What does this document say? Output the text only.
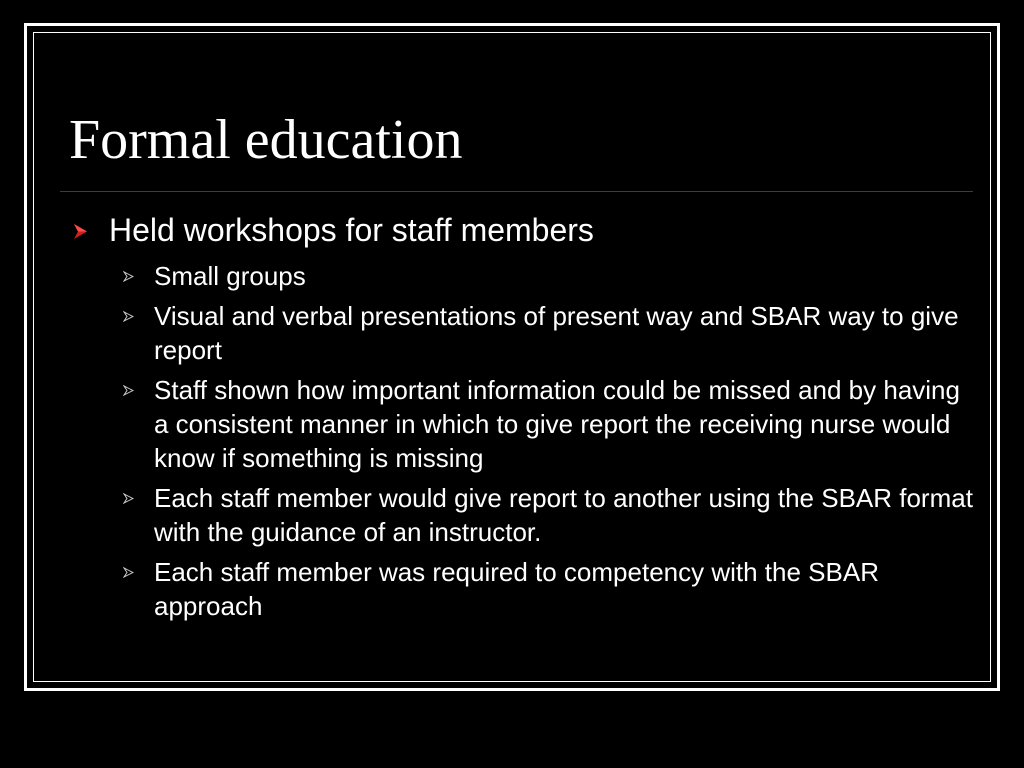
Formal education
Held workshops for staff members
Small groups
Visual and verbal presentations of present way and SBAR way to give report
Staff shown how important information could be missed and by having a consistent manner in which to give report the receiving nurse would know if something is missing
Each staff member would give report to another using the SBAR format with the guidance of an instructor.
Each staff member was required to competency with the SBAR approach
